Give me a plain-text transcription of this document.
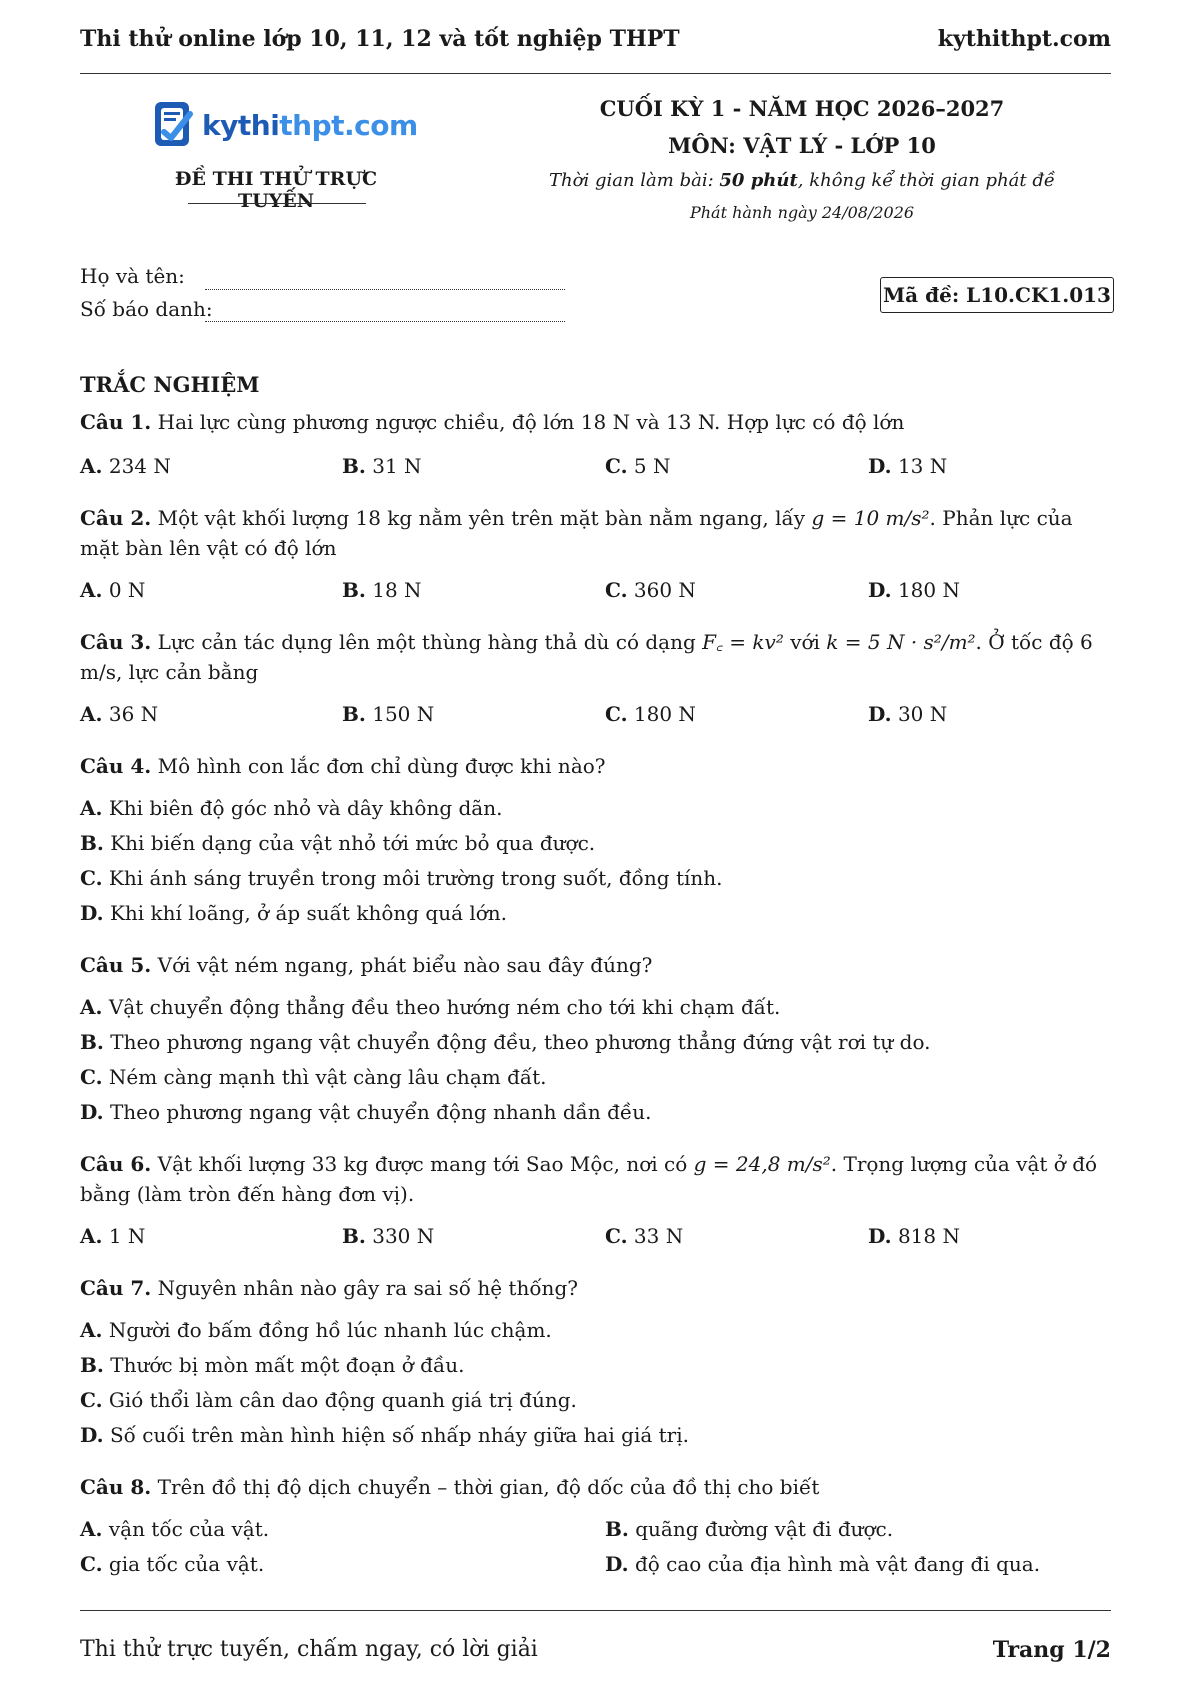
Thi thử online lớp 10, 11, 12 và tốt nghiệp THPT	kythithpt.com
kythithpt.com
ĐỀ THI THỬ TRỰC TUYẾN
CUỐI KỲ 1 - NĂM HỌC 2026–2027
MÔN: VẬT LÝ - LỚP 10
Thời gian làm bài: 50 phút, không kể thời gian phát đề
Phát hành ngày 24/08/2026
Họ và tên:
Số báo danh:
Mã đề: L10.CK1.013
TRẮC NGHIỆM
Câu 1. Hai lực cùng phương ngược chiều, độ lớn 18 N và 13 N. Hợp lực có độ lớn
A. 234 N	B. 31 N	C. 5 N	D. 13 N
Câu 2. Một vật khối lượng 18 kg nằm yên trên mặt bàn nằm ngang, lấy g = 10 m/s². Phản lực của mặt bàn lên vật có độ lớn
A. 0 N	B. 18 N	C. 360 N	D. 180 N
Câu 3. Lực cản tác dụng lên một thùng hàng thả dù có dạng F꜀ = kv² với k = 5 N · s²/m². Ở tốc độ 6 m/s, lực cản bằng
A. 36 N	B. 150 N	C. 180 N	D. 30 N
Câu 4. Mô hình con lắc đơn chỉ dùng được khi nào?
A. Khi biên độ góc nhỏ và dây không dãn.
B. Khi biến dạng của vật nhỏ tới mức bỏ qua được.
C. Khi ánh sáng truyền trong môi trường trong suốt, đồng tính.
D. Khi khí loãng, ở áp suất không quá lớn.
Câu 5. Với vật ném ngang, phát biểu nào sau đây đúng?
A. Vật chuyển động thẳng đều theo hướng ném cho tới khi chạm đất.
B. Theo phương ngang vật chuyển động đều, theo phương thẳng đứng vật rơi tự do.
C. Ném càng mạnh thì vật càng lâu chạm đất.
D. Theo phương ngang vật chuyển động nhanh dần đều.
Câu 6. Vật khối lượng 33 kg được mang tới Sao Mộc, nơi có g = 24,8 m/s². Trọng lượng của vật ở đó bằng (làm tròn đến hàng đơn vị).
A. 1 N	B. 330 N	C. 33 N	D. 818 N
Câu 7. Nguyên nhân nào gây ra sai số hệ thống?
A. Người đo bấm đồng hồ lúc nhanh lúc chậm.
B. Thước bị mòn mất một đoạn ở đầu.
C. Gió thổi làm cân dao động quanh giá trị đúng.
D. Số cuối trên màn hình hiện số nhấp nháy giữa hai giá trị.
Câu 8. Trên đồ thị độ dịch chuyển – thời gian, độ dốc của đồ thị cho biết
A. vận tốc của vật.	B. quãng đường vật đi được.
C. gia tốc của vật.	D. độ cao của địa hình mà vật đang đi qua.
Thi thử trực tuyến, chấm ngay, có lời giải	Trang 1/2
